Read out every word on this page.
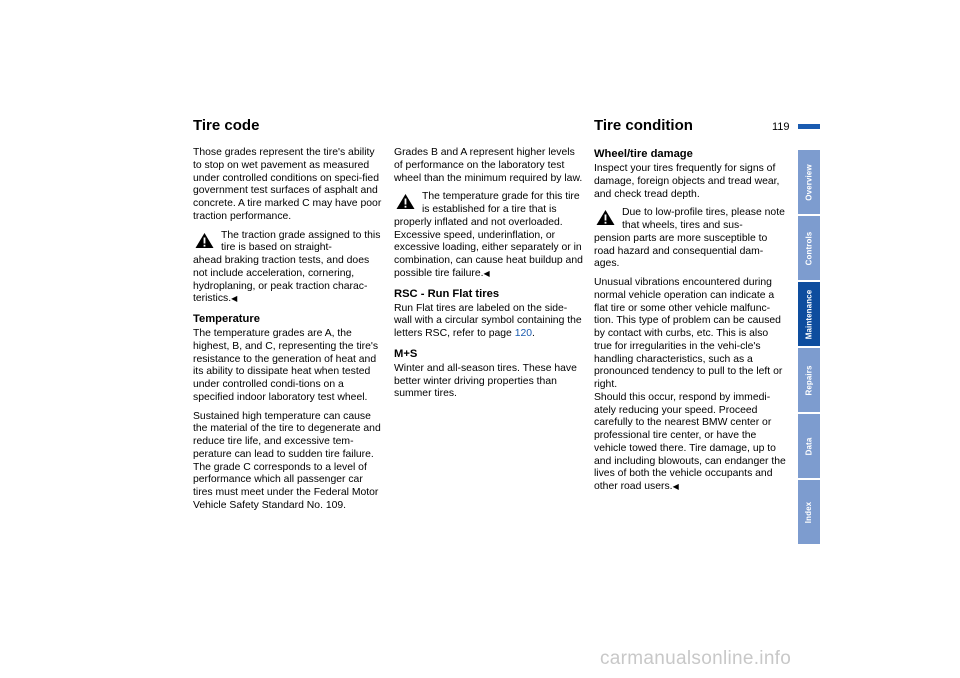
Tire code	Tire condition	119

Those grades represent the tire's ability to stop on wet pavement as measured under controlled conditions on speci-fied government test surfaces of asphalt and concrete. A tire marked C may have poor traction performance.

The traction grade assigned to this tire is based on straight-
ahead braking traction tests, and does not include acceleration, cornering, hydroplaning, or peak traction charac-teristics.◀
Temperature

The temperature grades are A, the highest, B, and C, representing the tire's resistance to the generation of heat and its ability to dissipate heat when tested under controlled condi-tions on a specified indoor laboratory test wheel.

Sustained high temperature can cause the material of the tire to degenerate and reduce tire life, and excessive tem-perature can lead to sudden tire failure. The grade C corresponds to a level of performance which all passenger car tires must meet under the Federal Motor Vehicle Safety Standard No. 109.

Grades B and A represent higher levels of performance on the laboratory test wheel than the minimum required by law.

The temperature grade for this tire is established for a tire that is
properly inflated and not overloaded. Excessive speed, underinflation, or excessive loading, either separately or in combination, can cause heat buildup and possible tire failure.◀
RSC - Run Flat tires

Run Flat tires are labeled on the side-wall with a circular symbol containing the letters RSC, refer to page 120.

M+S

Winter and all-season tires. These have better winter driving properties than summer tires.

Wheel/tire damage

Inspect your tires frequently for signs of damage, foreign objects and tread wear, and check tread depth.

Due to low-profile tires, please note that wheels, tires and sus-
pension parts are more susceptible to road hazard and consequential dam-ages.

Unusual vibrations encountered during normal vehicle operation can indicate a flat tire or some other vehicle malfunc-tion. This type of problem can be caused by contact with curbs, etc. This is also true for irregularities in the vehi-cle's handling characteristics, such as a pronounced tendency to pull to the left or right.

Should this occur, respond by immedi-ately reducing your speed. Proceed carefully to the nearest BMW center or professional tire center, or have the vehicle towed there. Tire damage, up to and including blowouts, can endanger the lives of both the vehicle occupants and other road users.◀

Overview
Controls
Maintenance
Repairs
Data
Index
carmanualsonline.info
